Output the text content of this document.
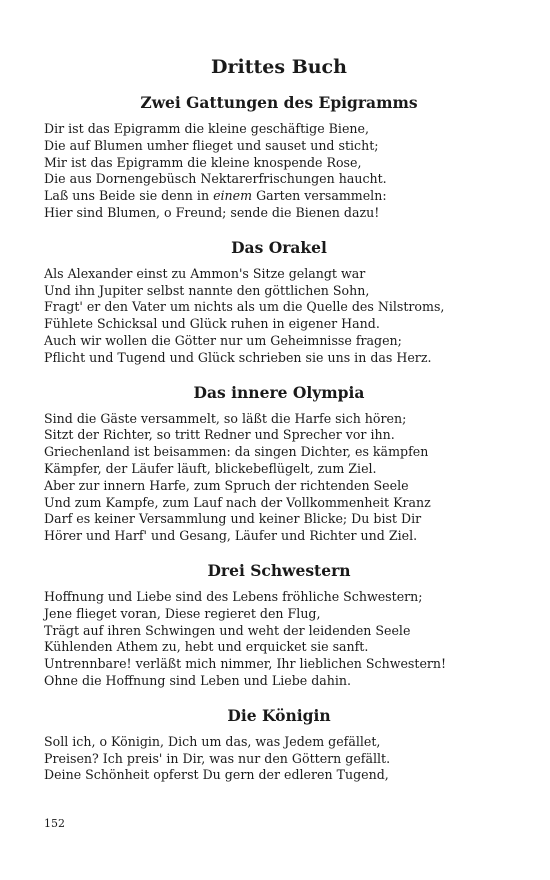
Drittes Buch
Zwei Gattungen des Epigramms
Dir ist das Epigramm die kleine geschäftige Biene,
Die auf Blumen umher flieget und sauset und sticht;
Mir ist das Epigramm die kleine knospende Rose,
Die aus Dornengebüsch Nektarerfrischungen haucht.
Laß uns Beide sie denn in einem Garten versammeln:
Hier sind Blumen, o Freund; sende die Bienen dazu!
Das Orakel
Als Alexander einst zu Ammon's Sitze gelangt war
Und ihn Jupiter selbst nannte den göttlichen Sohn,
Fragt' er den Vater um nichts als um die Quelle des Nilstroms,
Fühlete Schicksal und Glück ruhen in eigener Hand.
Auch wir wollen die Götter nur um Geheimnisse fragen;
Pflicht und Tugend und Glück schrieben sie uns in das Herz.
Das innere Olympia
Sind die Gäste versammelt, so läßt die Harfe sich hören;
Sitzt der Richter, so tritt Redner und Sprecher vor ihn.
Griechenland ist beisammen: da singen Dichter, es kämpfen
Kämpfer, der Läufer läuft, blickebeflügelt, zum Ziel.
Aber zur innern Harfe, zum Spruch der richtenden Seele
Und zum Kampfe, zum Lauf nach der Vollkommenheit Kranz
Darf es keiner Versammlung und keiner Blicke; Du bist Dir
Hörer und Harf' und Gesang, Läufer und Richter und Ziel.
Drei Schwestern
Hoffnung und Liebe sind des Lebens fröhliche Schwestern;
Jene flieget voran, Diese regieret den Flug,
Trägt auf ihren Schwingen und weht der leidenden Seele
Kühlenden Athem zu, hebt und erquicket sie sanft.
Untrennbare! verläßt mich nimmer, Ihr lieblichen Schwestern!
Ohne die Hoffnung sind Leben und Liebe dahin.
Die Königin
Soll ich, o Königin, Dich um das, was Jedem gefället,
Preisen? Ich preis' in Dir, was nur den Göttern gefällt.
Deine Schönheit opferst Du gern der edleren Tugend,
152
